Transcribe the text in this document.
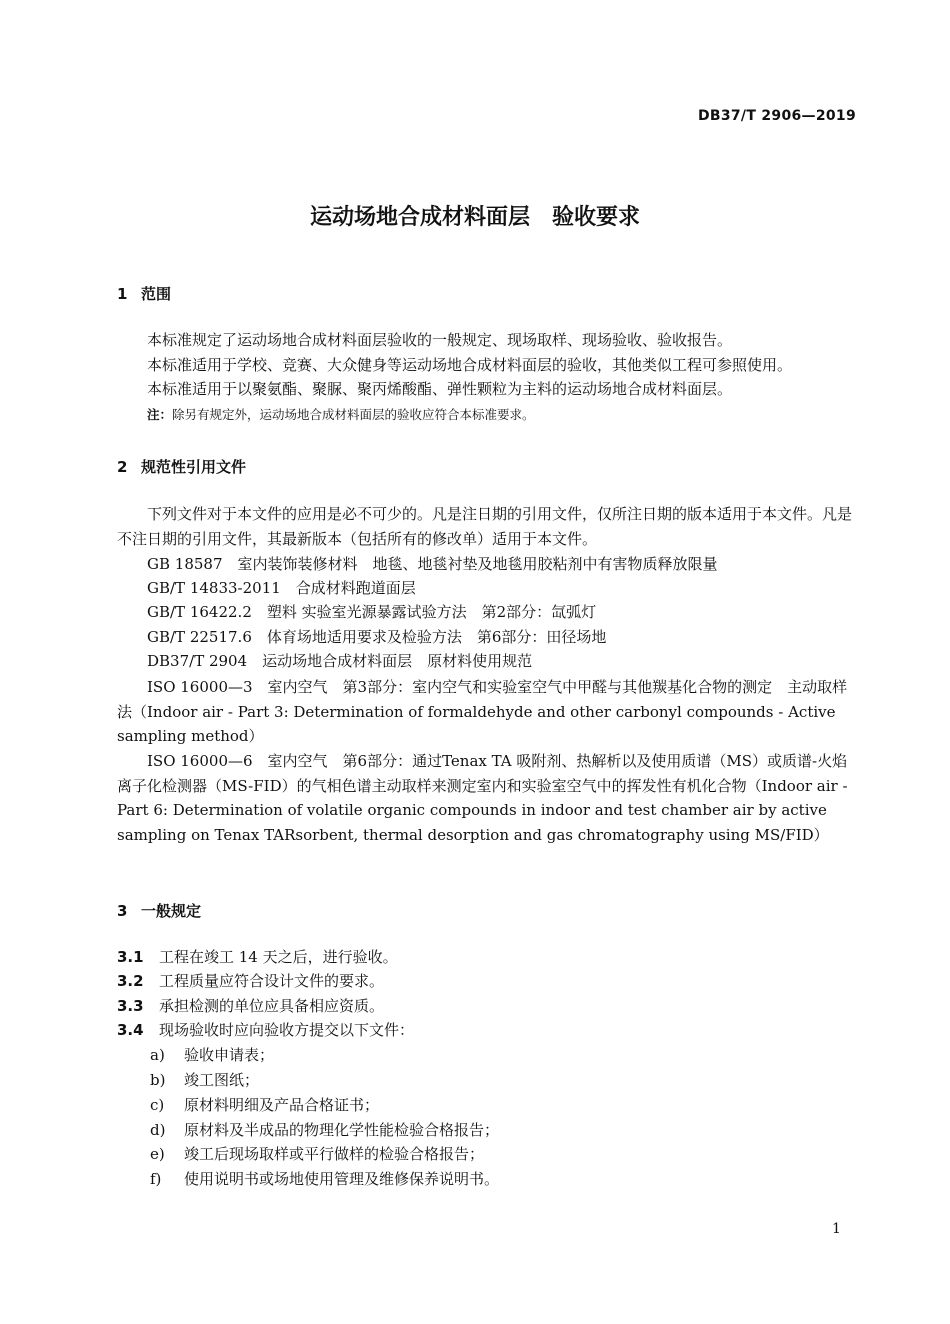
DB37/T 2906—2019
运动场地合成材料面层　验收要求
1 范围
本标准规定了运动场地合成材料面层验收的一般规定、现场取样、现场验收、验收报告。
本标准适用于学校、竞赛、大众健身等运动场地合成材料面层的验收，其他类似工程可参照使用。
本标准适用于以聚氨酯、聚脲、聚丙烯酸酯、弹性颗粒为主料的运动场地合成材料面层。
注：除另有规定外，运动场地合成材料面层的验收应符合本标准要求。
2 规范性引用文件
下列文件对于本文件的应用是必不可少的。凡是注日期的引用文件，仅所注日期的版本适用于本文件。凡是不注日期的引用文件，其最新版本（包括所有的修改单）适用于本文件。
GB 18587　室内装饰装修材料　地毯、地毯衬垫及地毯用胶粘剂中有害物质释放限量
GB/T 14833-2011　合成材料跑道面层
GB/T 16422.2　塑料 实验室光源暴露试验方法　第2部分：氙弧灯
GB/T 22517.6　体育场地适用要求及检验方法　第6部分：田径场地
DB37/T 2904　运动场地合成材料面层　原材料使用规范
ISO 16000—3　室内空气　第3部分：室内空气和实验室空气中甲醛与其他羰基化合物的测定　主动取样法（Indoor air - Part 3: Determination of formaldehyde and other carbonyl compounds - Active sampling method）
ISO 16000—6　室内空气　第6部分：通过Tenax TA 吸附剂、热解析以及使用质谱（MS）或质谱-火焰离子化检测器（MS-FID）的气相色谱主动取样来测定室内和实验室空气中的挥发性有机化合物（Indoor air - Part 6: Determination of volatile organic compounds in indoor and test chamber air by active sampling on Tenax TARsorbent, thermal desorption and gas chromatography using MS/FID）
3 一般规定
3.1 工程在竣工 14 天之后，进行验收。
3.2 工程质量应符合设计文件的要求。
3.3 承担检测的单位应具备相应资质。
3.4 现场验收时应向验收方提交以下文件：
a) 验收申请表；
b) 竣工图纸；
c) 原材料明细及产品合格证书；
d) 原材料及半成品的物理化学性能检验合格报告；
e) 竣工后现场取样或平行做样的检验合格报告；
f) 使用说明书或场地使用管理及维修保养说明书。
1
